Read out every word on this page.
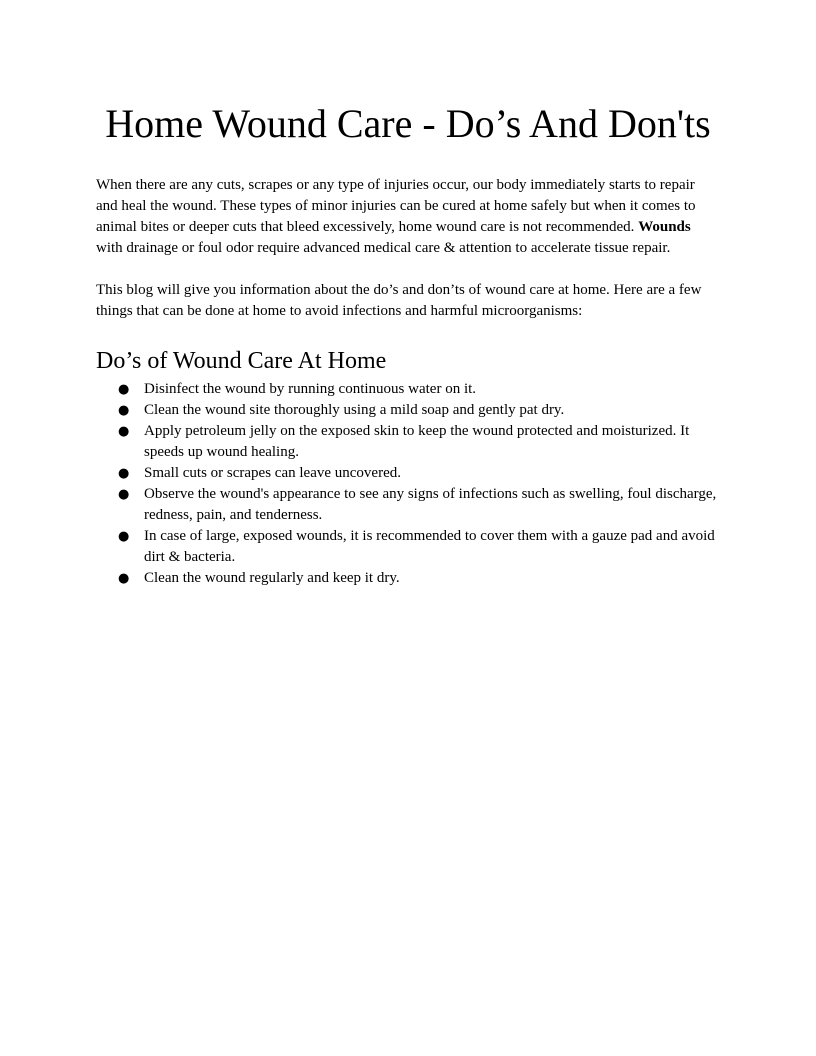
Home Wound Care - Do’s And Don'ts

When there are any cuts, scrapes or any type of injuries occur, our body immediately starts to repair and heal the wound. These types of minor injuries can be cured at home safely but when it comes to animal bites or deeper cuts that bleed excessively, home wound care is not recommended. Wounds with drainage or foul odor require advanced medical care & attention to accelerate tissue repair.

This blog will give you information about the do’s and don’ts of wound care at home. Here are a few things that can be done at home to avoid infections and harmful microorganisms:

Do’s of Wound Care At Home
● Disinfect the wound by running continuous water on it.
● Clean the wound site thoroughly using a mild soap and gently pat dry.
● Apply petroleum jelly on the exposed skin to keep the wound protected and moisturized. It speeds up wound healing.
● Small cuts or scrapes can leave uncovered.
● Observe the wound's appearance to see any signs of infections such as swelling, foul discharge, redness, pain, and tenderness.
● In case of large, exposed wounds, it is recommended to cover them with a gauze pad and avoid dirt & bacteria.
● Clean the wound regularly and keep it dry.
